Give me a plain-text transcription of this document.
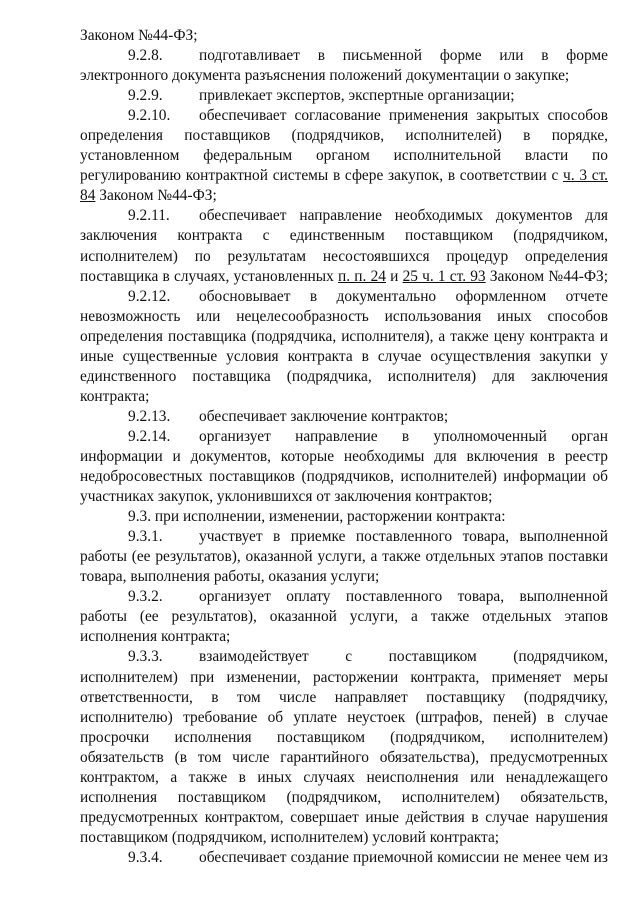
Законом №44-ФЗ;
9.2.8. подготавливает в письменной форме или в форме
электронного документа разъяснения положений документации о закупке;
9.2.9. привлекает экспертов, экспертные организации;
9.2.10. обеспечивает согласование применения закрытых способов
определения поставщиков (подрядчиков, исполнителей) в порядке,
установленном федеральным органом исполнительной власти по
регулированию контрактной системы в сфере закупок, в соответствии с ч. 3 ст.
84 Законом №44-ФЗ;
9.2.11. обеспечивает направление необходимых документов для
заключения контракта с единственным поставщиком (подрядчиком,
исполнителем) по результатам несостоявшихся процедур определения
поставщика в случаях, установленных п. п. 24 и 25 ч. 1 ст. 93 Законом №44-ФЗ;
9.2.12. обосновывает в документально оформленном отчете
невозможность или нецелесообразность использования иных способов
определения поставщика (подрядчика, исполнителя), а также цену контракта и
иные существенные условия контракта в случае осуществления закупки у
единственного поставщика (подрядчика, исполнителя) для заключения
контракта;
9.2.13. обеспечивает заключение контрактов;
9.2.14. организует направление в уполномоченный орган
информации и документов, которые необходимы для включения в реестр
недобросовестных поставщиков (подрядчиков, исполнителей) информации об
участниках закупок, уклонившихся от заключения контрактов;
9.3. при исполнении, изменении, расторжении контракта:
9.3.1. участвует в приемке поставленного товара, выполненной
работы (ее результатов), оказанной услуги, а также отдельных этапов поставки
товара, выполнения работы, оказания услуги;
9.3.2. организует оплату поставленного товара, выполненной
работы (ее результатов), оказанной услуги, а также отдельных этапов
исполнения контракта;
9.3.3. взаимодействует с поставщиком (подрядчиком,
исполнителем) при изменении, расторжении контракта, применяет меры
ответственности, в том числе направляет поставщику (подрядчику,
исполнителю) требование об уплате неустоек (штрафов, пеней) в случае
просрочки исполнения поставщиком (подрядчиком, исполнителем)
обязательств (в том числе гарантийного обязательства), предусмотренных
контрактом, а также в иных случаях неисполнения или ненадлежащего
исполнения поставщиком (подрядчиком, исполнителем) обязательств,
предусмотренных контрактом, совершает иные действия в случае нарушения
поставщиком (подрядчиком, исполнителем) условий контракта;
9.3.4. обеспечивает создание приемочной комиссии не менее чем из
